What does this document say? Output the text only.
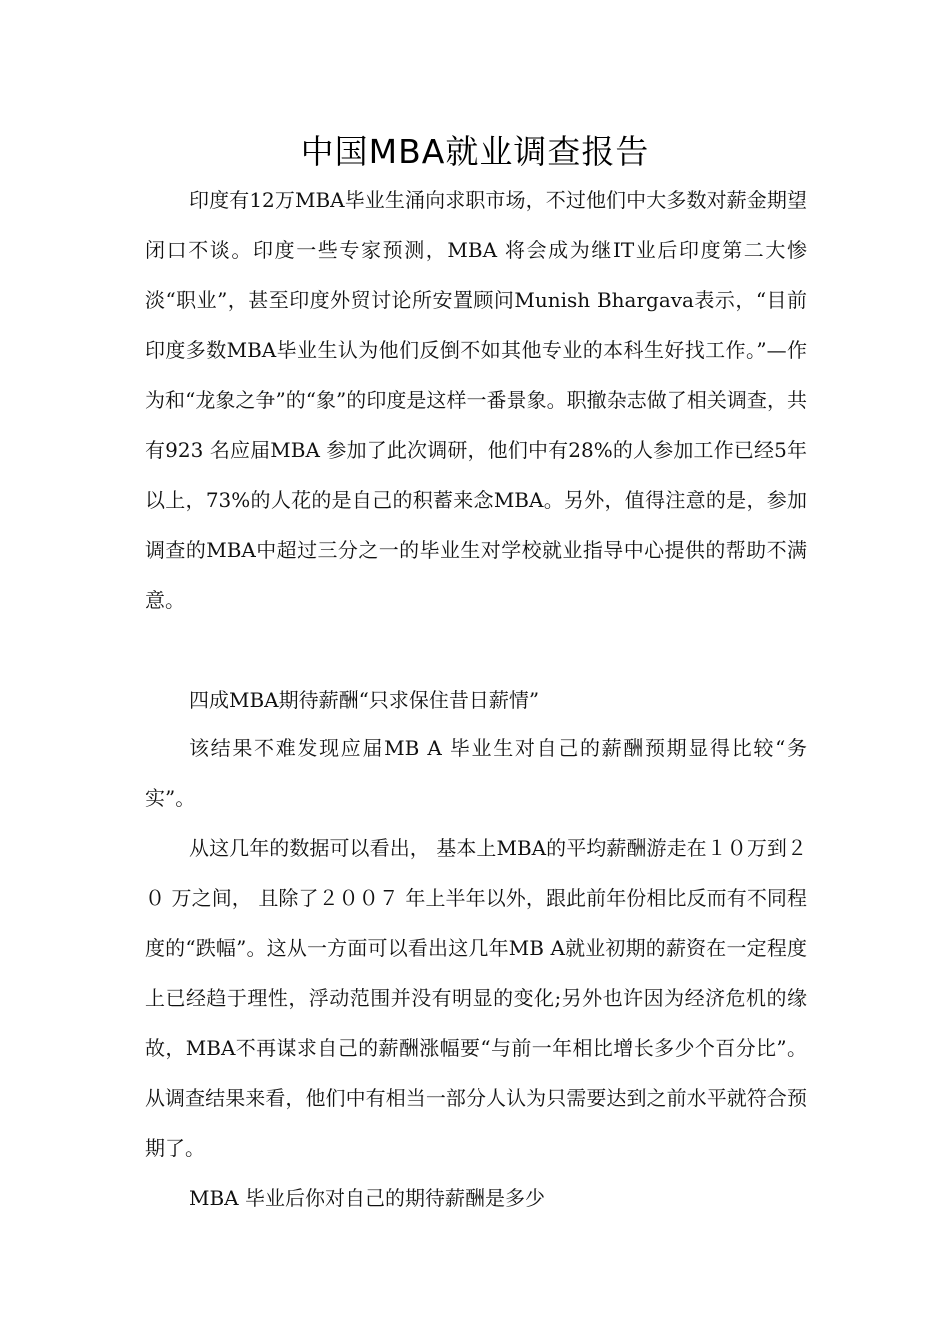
中国MBA就业调查报告

印度有12万MBA毕业生涌向求职市场，不过他们中大多数对薪金期望闭口不谈。印度一些专家预测，MBA 将会成为继IT业后印度第二大惨淡“职业”，甚至印度外贸讨论所安置顾问Munish Bhargava表示，“目前印度多数MBA毕业生认为他们反倒不如其他专业的本科生好找工作。”—作为和“龙象之争”的“象”的印度是这样一番景象。职撤杂志做了相关调查，共有923 名应届MBA 参加了此次调研，他们中有28%的人参加工作已经5年以上，73%的人花的是自己的积蓄来念MBA。另外，值得注意的是，参加调查的MBA中超过三分之一的毕业生对学校就业指导中心提供的帮助不满意。

四成MBA期待薪酬“只求保住昔日薪情”

该结果不难发现应届MB A 毕业生对自己的薪酬预期显得比较“务实”。

从这几年的数据可以看出， 基本上MBA的平均薪酬游走在１０万到２０ 万之间， 且除了２００７ 年上半年以外，跟此前年份相比反而有不同程度的“跌幅”。这从一方面可以看出这几年MB A就业初期的薪资在一定程度上已经趋于理性，浮动范围并没有明显的变化;另外也许因为经济危机的缘故，MBA不再谋求自己的薪酬涨幅要“与前一年相比增长多少个百分比”。从调查结果来看，他们中有相当一部分人认为只需要达到之前水平就符合预期了。

MBA 毕业后你对自己的期待薪酬是多少
